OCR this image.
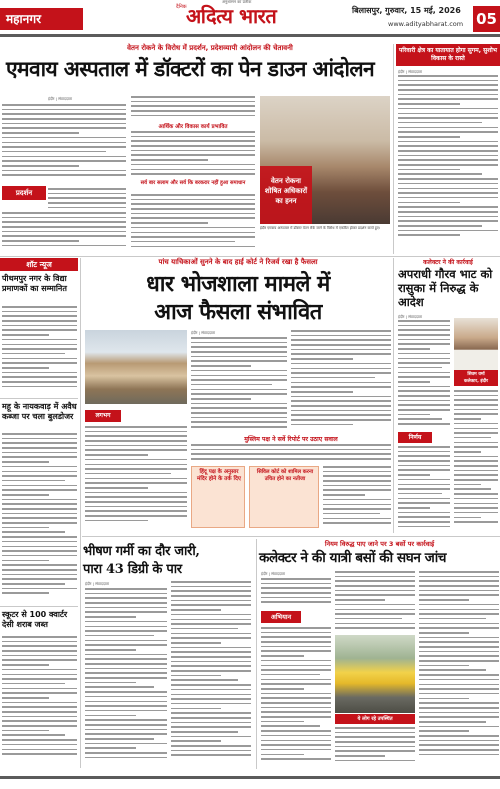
महानगर
दैनिक अदित्य भारत
अनुशासन का प्रतीक
बिलासपुर, गुरुवार, 15 मई, 2026
www.adityabharat.com 05
वेतन रोकने के विरोध में प्रदर्शन, प्रदेशव्यापी आंदोलन की चेतावनी
एमवाय अस्पताल में डॉक्टरों का पेन डाउन आंदोलन
इंदौर | संवाददाता
प्रदर्शन
आर्थिक और विकास कार्य प्रभावित
सर्व बार सलाम और सर्व कि बरकरार नहीं हुआ समाधान	वेतन रोकना शोषित अधिकारों का हनन
इंदौर एमवाय अस्पताल में डॉक्टर वेतन रोके जाने के विरोध में एकत्रित होकर प्रदर्शन करते हुए।
परिवारी क्षेत्र का यातायात होगा सुगम, सुशोभ विकास के रास्ते
इंदौर | संवाददाता
शॉट न्यूज
पीथमपुर नगर के विद्या प्रमाणकों का सम्मानित
महू के नायकवाड़ में अवैध कब्जा पर चला बुलडोजर
स्कूटर से 100 क्वार्टर देसी शराब जब्त
पांच याचिकाओं सुनने के बाद हाई कोर्ट ने रिजर्व रखा है फैसला
धार भोजशाला मामले में
आज फैसला संभावित
लगभग
इंदौर | संवाददाता
मुस्लिम पक्ष ने सर्वे रिपोर्ट पर उठाए सवाल
हिंदू पक्ष के अनुसार मंदिर होने के तर्क दिए
सिविल कोर्ट को शामिल करना उचित होने का नतीजा
कलेक्टर ने की कार्रवाई
अपराधी गौरव भाट को रासुका में निरुद्ध के आदेश
इंदौर | संवाददाता
शिवम वर्मा
कलेक्टर, इंदौर
निर्णय
भीषण गर्मी का दौर जारी,
पारा 43 डिग्री के पार
इंदौर | संवाददाता
नियम विरुद्ध पाए जाने पर 3 बसों पर कार्रवाई
कलेक्टर ने की यात्री बसों की सघन जांच
इंदौर | संवाददाता
अभियान
ये लोग रहे उपस्थित
